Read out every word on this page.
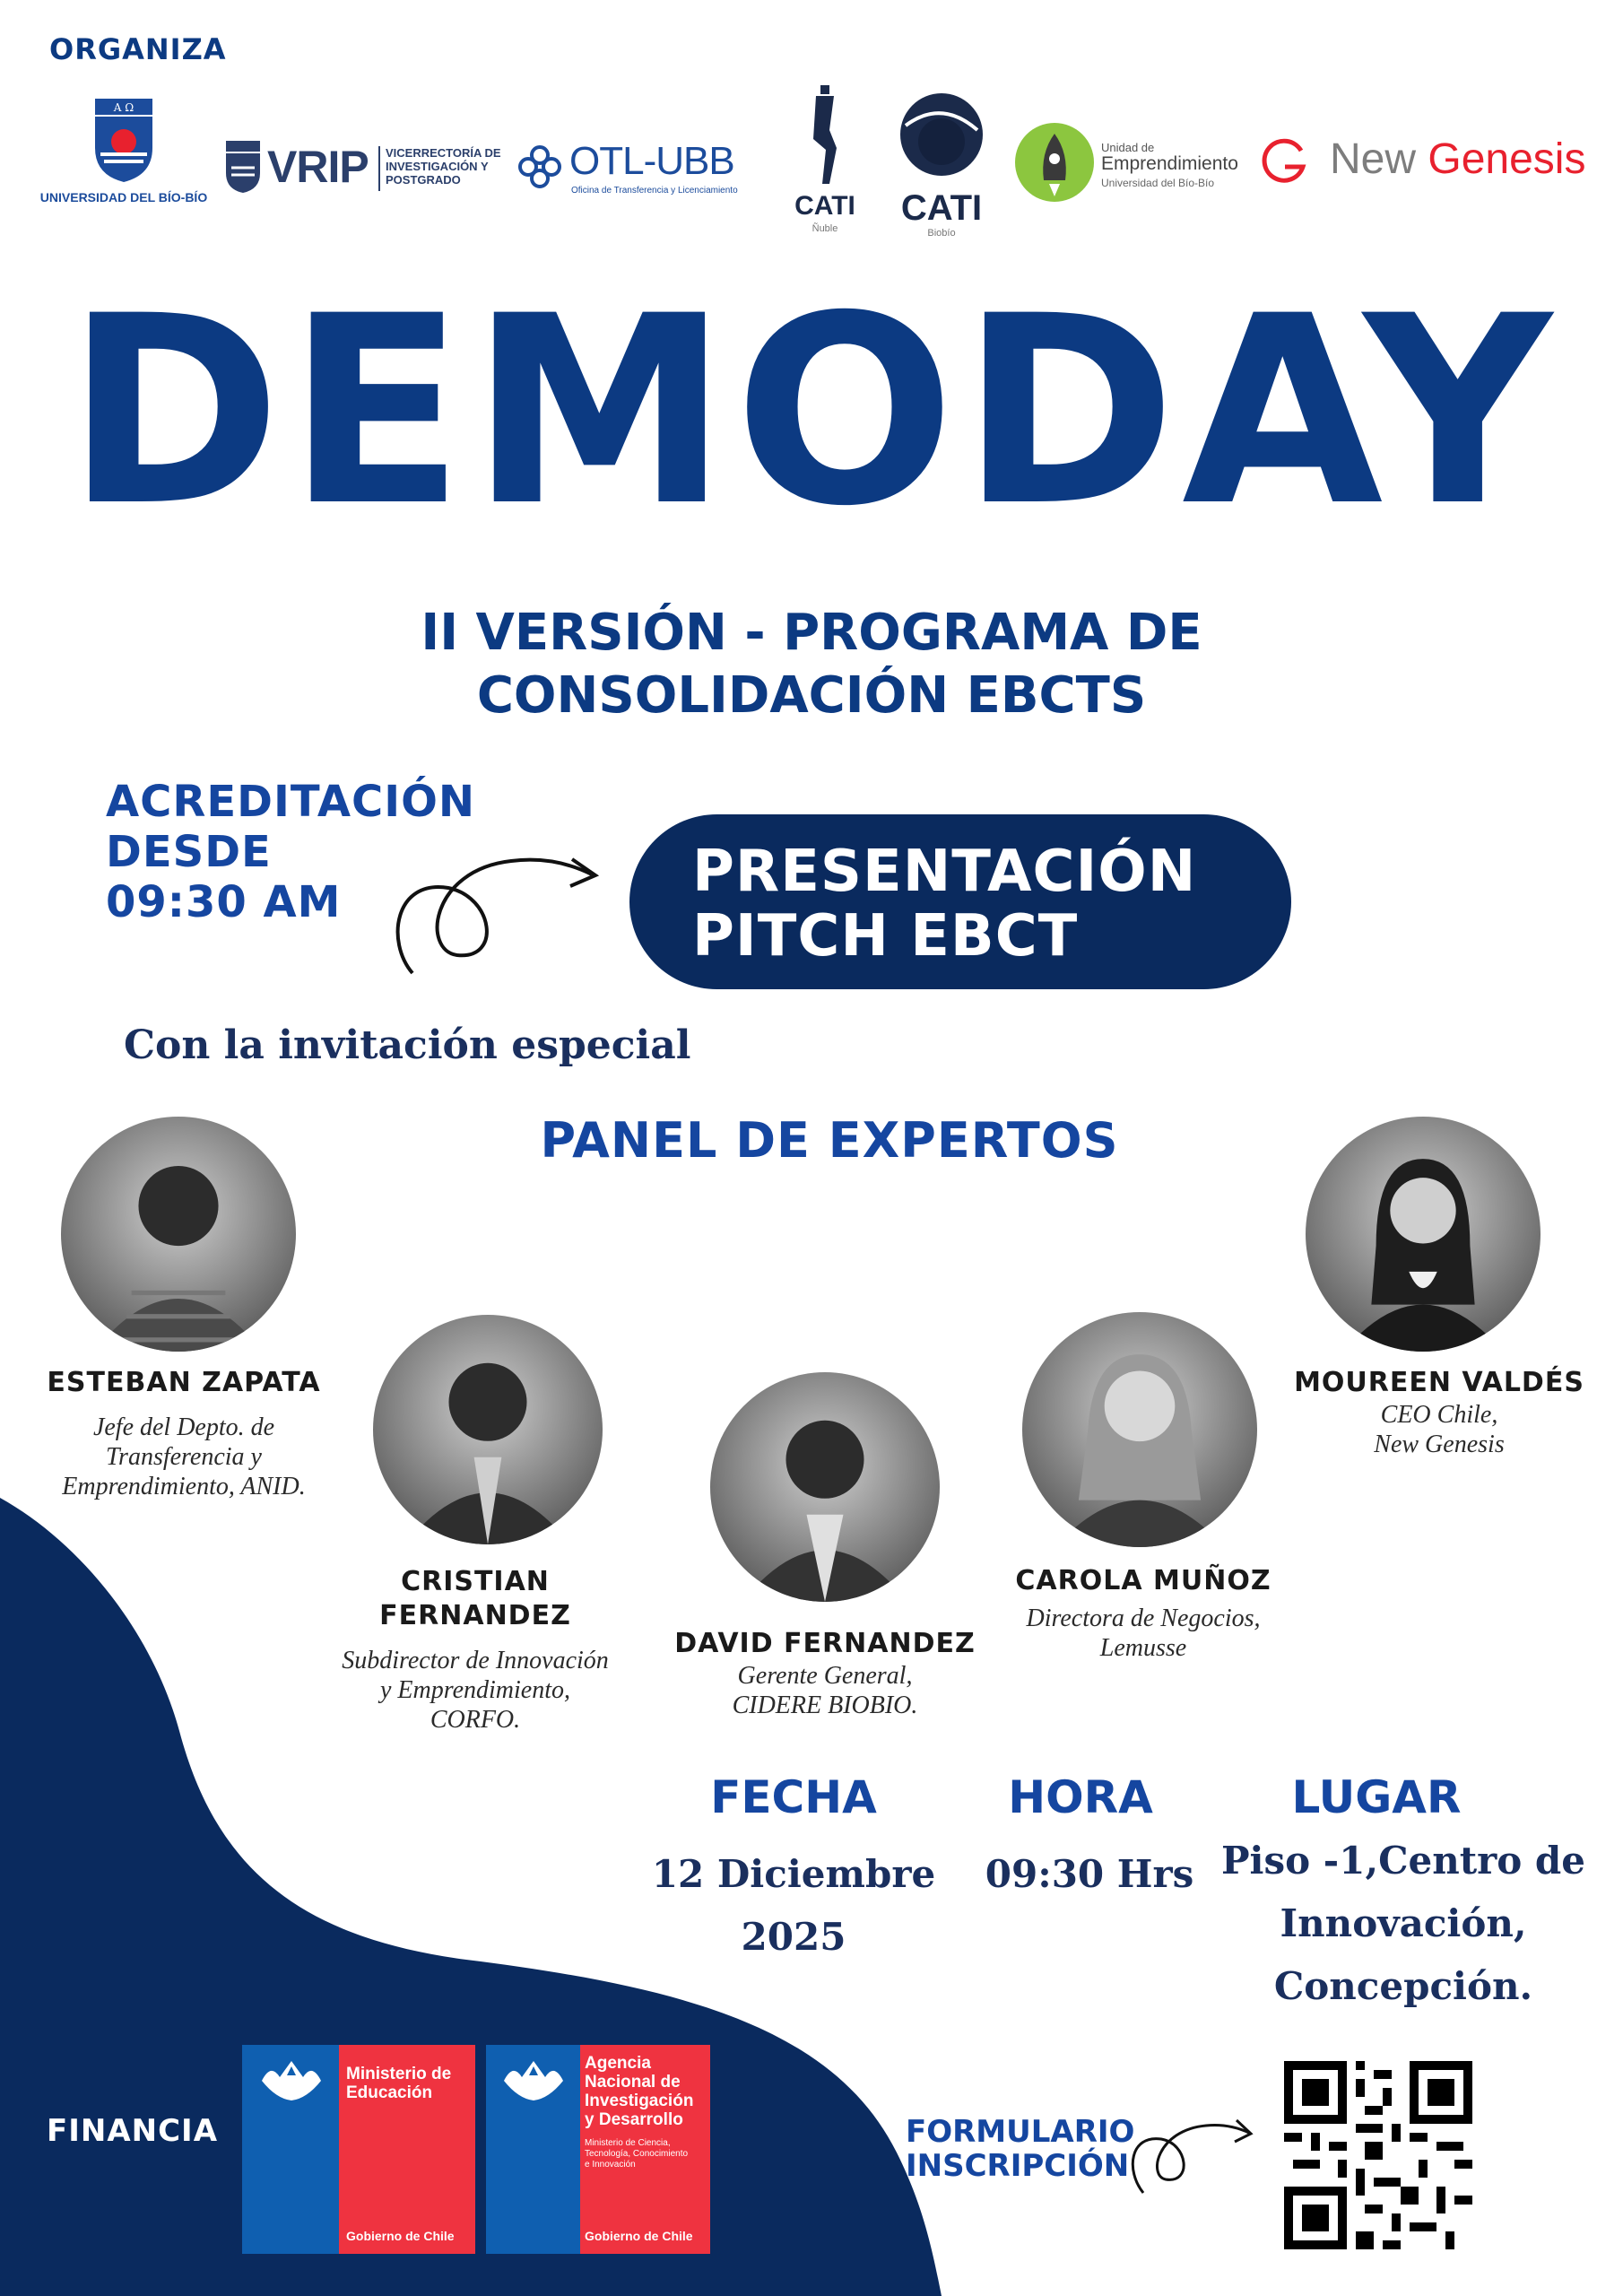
ORGANIZA
A Ω
UNIVERSIDAD DEL BÍO-BÍO
VRIP VICERRECTORÍA DE INVESTIGACIÓN Y POSTGRADO	OTL-UBB
Oficina de Transferencia y Licenciamiento
CATI
Ñuble
CATI
Biobío
Unidad de
Emprendimiento
Universidad del Bío-Bío	New Genesis
DEMODAY
II VERSIÓN - PROGRAMA DE
CONSOLIDACIÓN EBCTS
ACREDITACIÓN
DESDE
09:30 AM	PRESENTACIÓN
PITCH EBCT
Con la invitación especial
PANEL DE EXPERTOS
ESTEBAN ZAPATA
Jefe del Depto. de
Transferencia y
Emprendimiento, ANID.
CRISTIAN
FERNANDEZ
Subdirector de Innovación
y Emprendimiento,
CORFO.
DAVID FERNANDEZ
Gerente General,
CIDERE BIOBIO.
CAROLA MUÑOZ
Directora de Negocios,
Lemusse
MOUREEN VALDÉS
CEO Chile,
New Genesis
FECHA
12 Diciembre
2025
HORA
09:30 Hrs
LUGAR
Piso -1,Centro de
Innovación,
Concepción.
FINANCIA
Ministerio de
Educación
Gobierno de Chile
Agencia
Nacional de
Investigación
y Desarrollo
Ministerio de Ciencia,
Tecnología, Conocimiento
e Innovación
Gobierno de Chile
FORMULARIO
INSCRIPCIÓN
